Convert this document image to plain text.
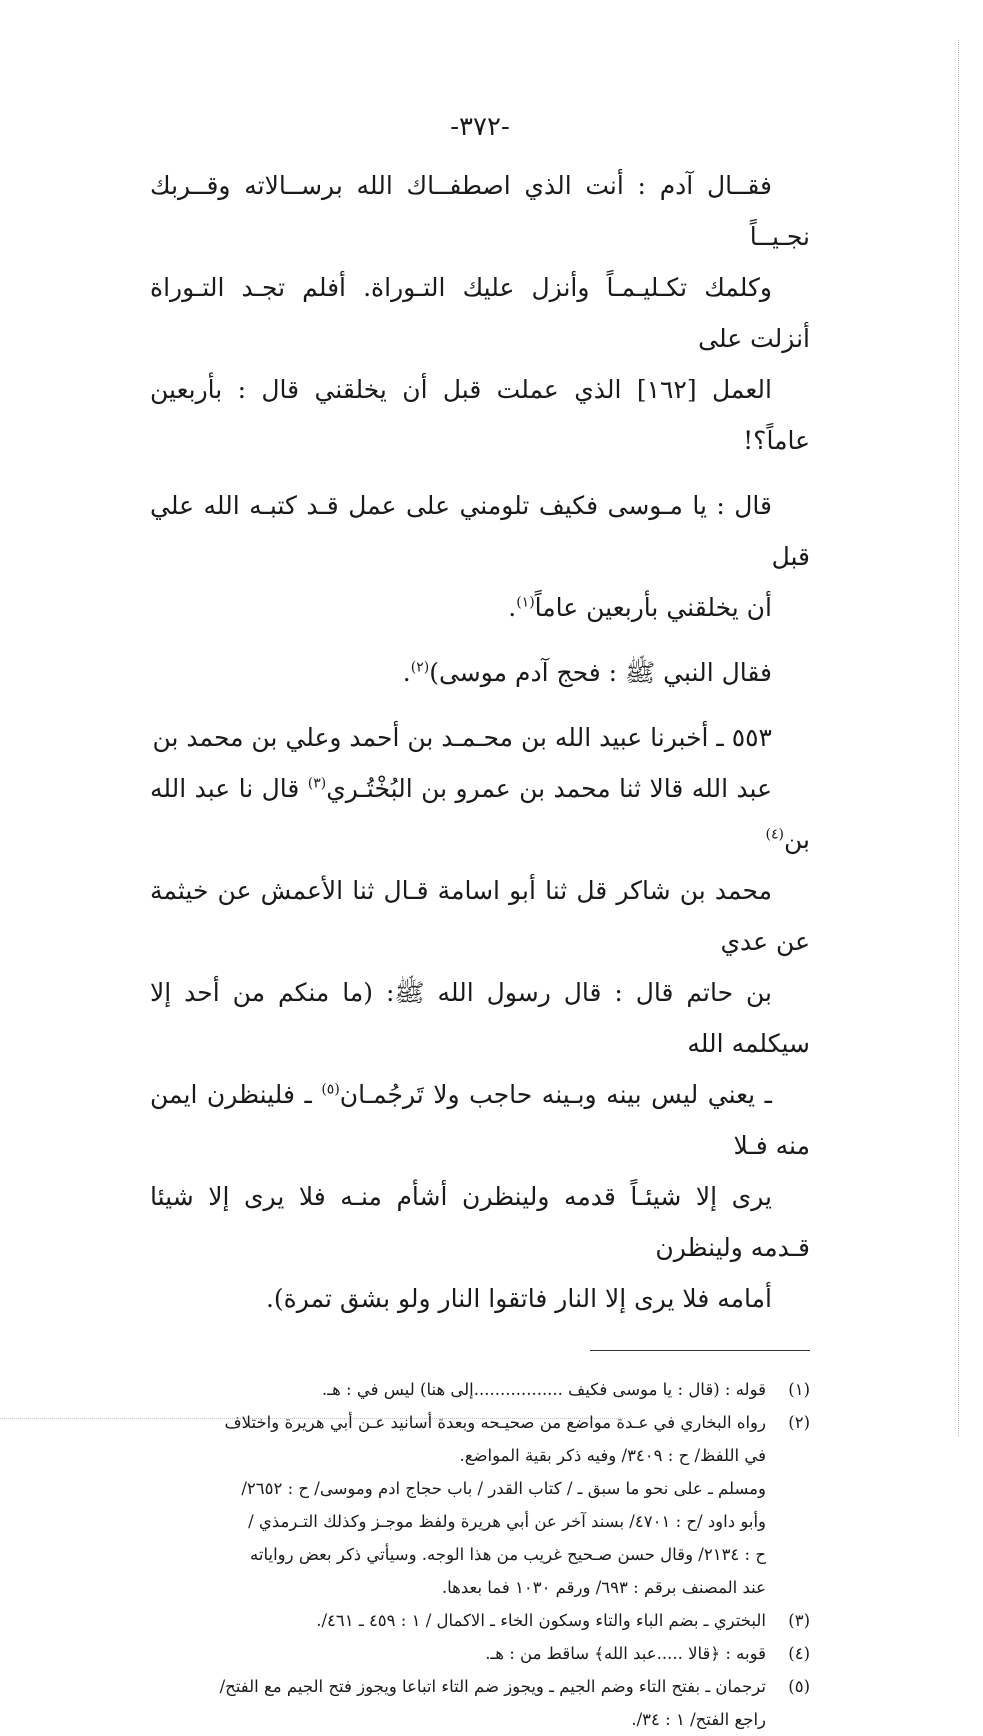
-٣٧٢-
فقــال آدم : أنت الذي اصطفــاك الله برســالاته وقــربك نجـيــاً
وكلمك تكـليـمـاً وأنزل عليك التـوراة. أفلم تجـد التـوراة أنزلت على
العمل [١٦٢] الذي عملت قبل أن يخلقني قال : بأربعين عاماً؟!
قال : يا مـوسى فكيف تلومني على عمل قـد كتبـه الله علي قبل
أن يخلقني بأربعين عاماً$^{(١)}$.
فقال النبي ﷺ : فحج آدم موسى)$^{(٢)}$.
٥٥٣ ـ أخبرنا عبيد الله بن محـمـد بن أحمد وعلي بن محمد بن
عبد الله قالا ثنا محمد بن عمرو بن البُخْتُـري$^{(٣)}$ قال نا عبد الله بن$^{(٤)}$
محمد بن شاكر قل ثنا أبو اسامة قـال ثنا الأعمش عن خيثمة عن عدي
بن حاتم قال : قال رسول الله ﷺ: (ما منكم من أحد إلا سيكلمه الله
ـ يعني ليس بينه وبـينه حاجب ولا تَرجُمـان$^{(٥)}$ ـ فلينظرن ايمن منه فـلا
يرى إلا شيئـاً قدمه ولينظرن أشأم منـه فلا يرى إلا شيئا قـدمه ولينظرن
أمامه فلا يرى إلا النار فاتقوا النار ولو بشق تمرة).
(١)
قوله : (قال : يا موسى فكيف .................إلى هنا) ليس في : هـ.
(٢)
رواه البخاري في عـدة مواضع من صحيـحه وبعدة أسانيد عـن أبي هريرة واختلاف
في اللفظ/ ح : ٣٤٠٩/ وفيه ذكر بقية المواضع.
ومسلم ـ على نحو ما سبق ـ / كتاب القدر / باب حجاج ادم وموسى/ ح : ٢٦٥٢/
وأبو داود /ح : ٤٧٠١/ بسند آخر عن أبي هريرة ولفظ موجـز وكذلك التـرمذي /
ح : ٢١٣٤/ وقال حسن صـحيح غريب من هذا الوجه. وسيأتي ذكر بعض رواياته
عند المصنف برقم : ٦٩٣/ ورقم ١٠٣٠ فما بعدها.
(٣)
البختري ـ بضم الباء والتاء وسكون الخاء ـ الاكمال / ١ : ٤٥٩ ـ ٤٦١/.
(٤)
قوبه : ﴿قالا .....عبد الله﴾ ساقط من : هـ.
(٥)
ترجمان ـ بفتح التاء وضم الجيم ـ ويجوز ضم التاء اتباعا ويجوز فتح الجيم مع الفتح/
راجع الفتح/ ١ : ٣٤/.
